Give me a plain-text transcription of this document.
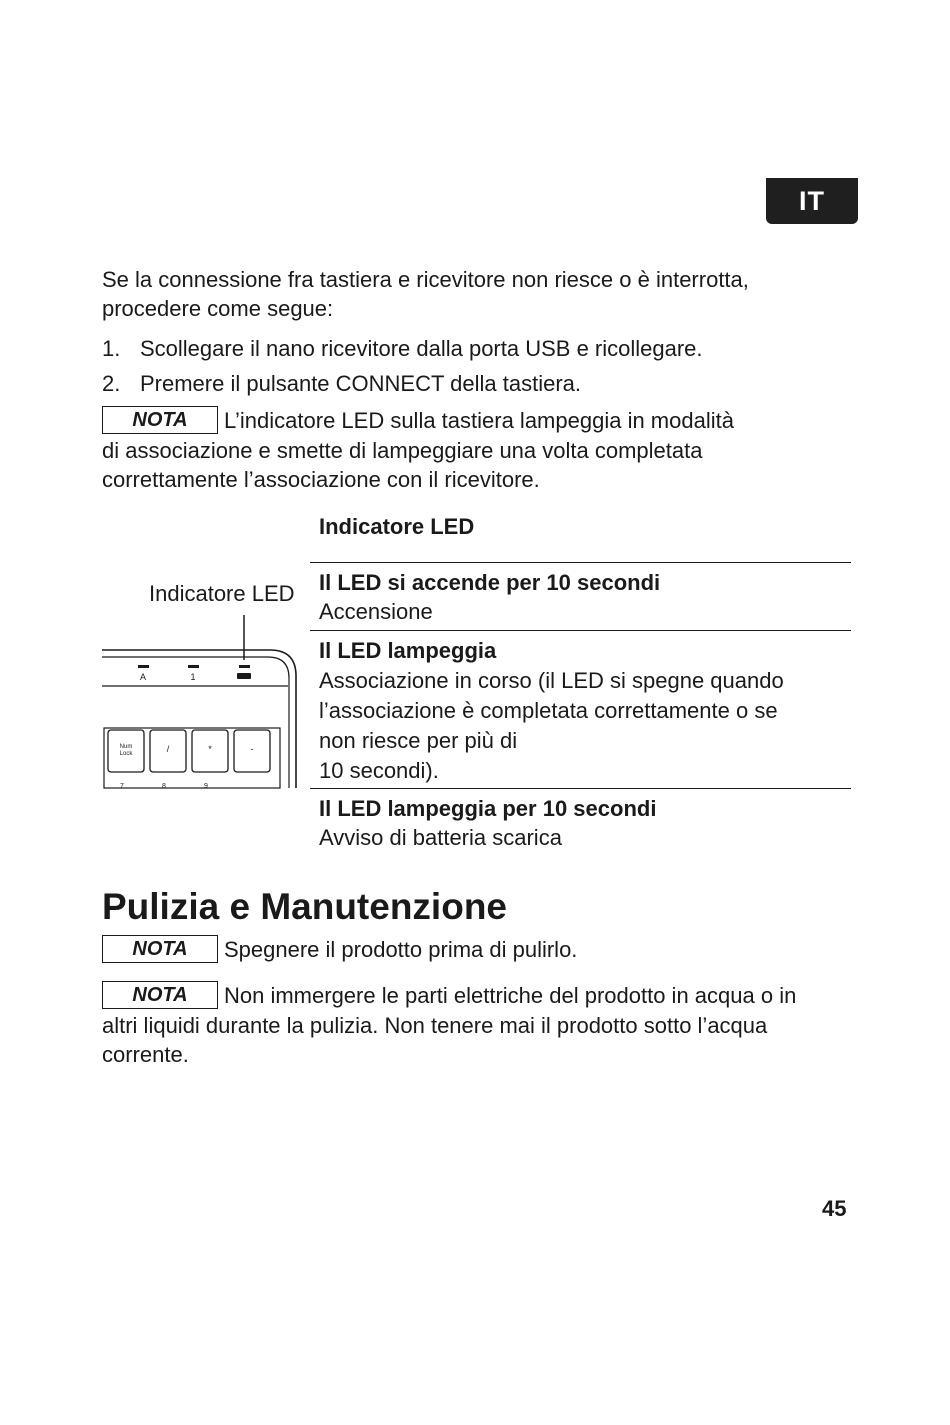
IT
Se la connessione fra tastiera e ricevitore non riesce o è interrotta,
procedere come segue:
1. Scollegare il nano ricevitore dalla porta USB e ricollegare.
2. Premere il pulsante CONNECT della tastiera.
NOTA L’indicatore LED sulla tastiera lampeggia in modalità
di associazione e smette di lampeggiare una volta completata
correttamente l’associazione con il ricevitore.
Indicatore LED
Indicatore LED Il LED si accende per 10 secondi
Accensione
Il LED lampeggia
Associazione in corso (il LED si spegne quando
l’associazione è completata correttamente o se
non riesce per più di
10 secondi).
Il LED lampeggia per 10 secondi
Avviso di batteria scarica
A	1
Num
Lock	/	*	-
7	8	9
Pulizia e Manutenzione
NOTA Spegnere il prodotto prima di pulirlo.
NOTA Non immergere le parti elettriche del prodotto in acqua o in
altri liquidi durante la pulizia. Non tenere mai il prodotto sotto l’acqua
corrente.
45
